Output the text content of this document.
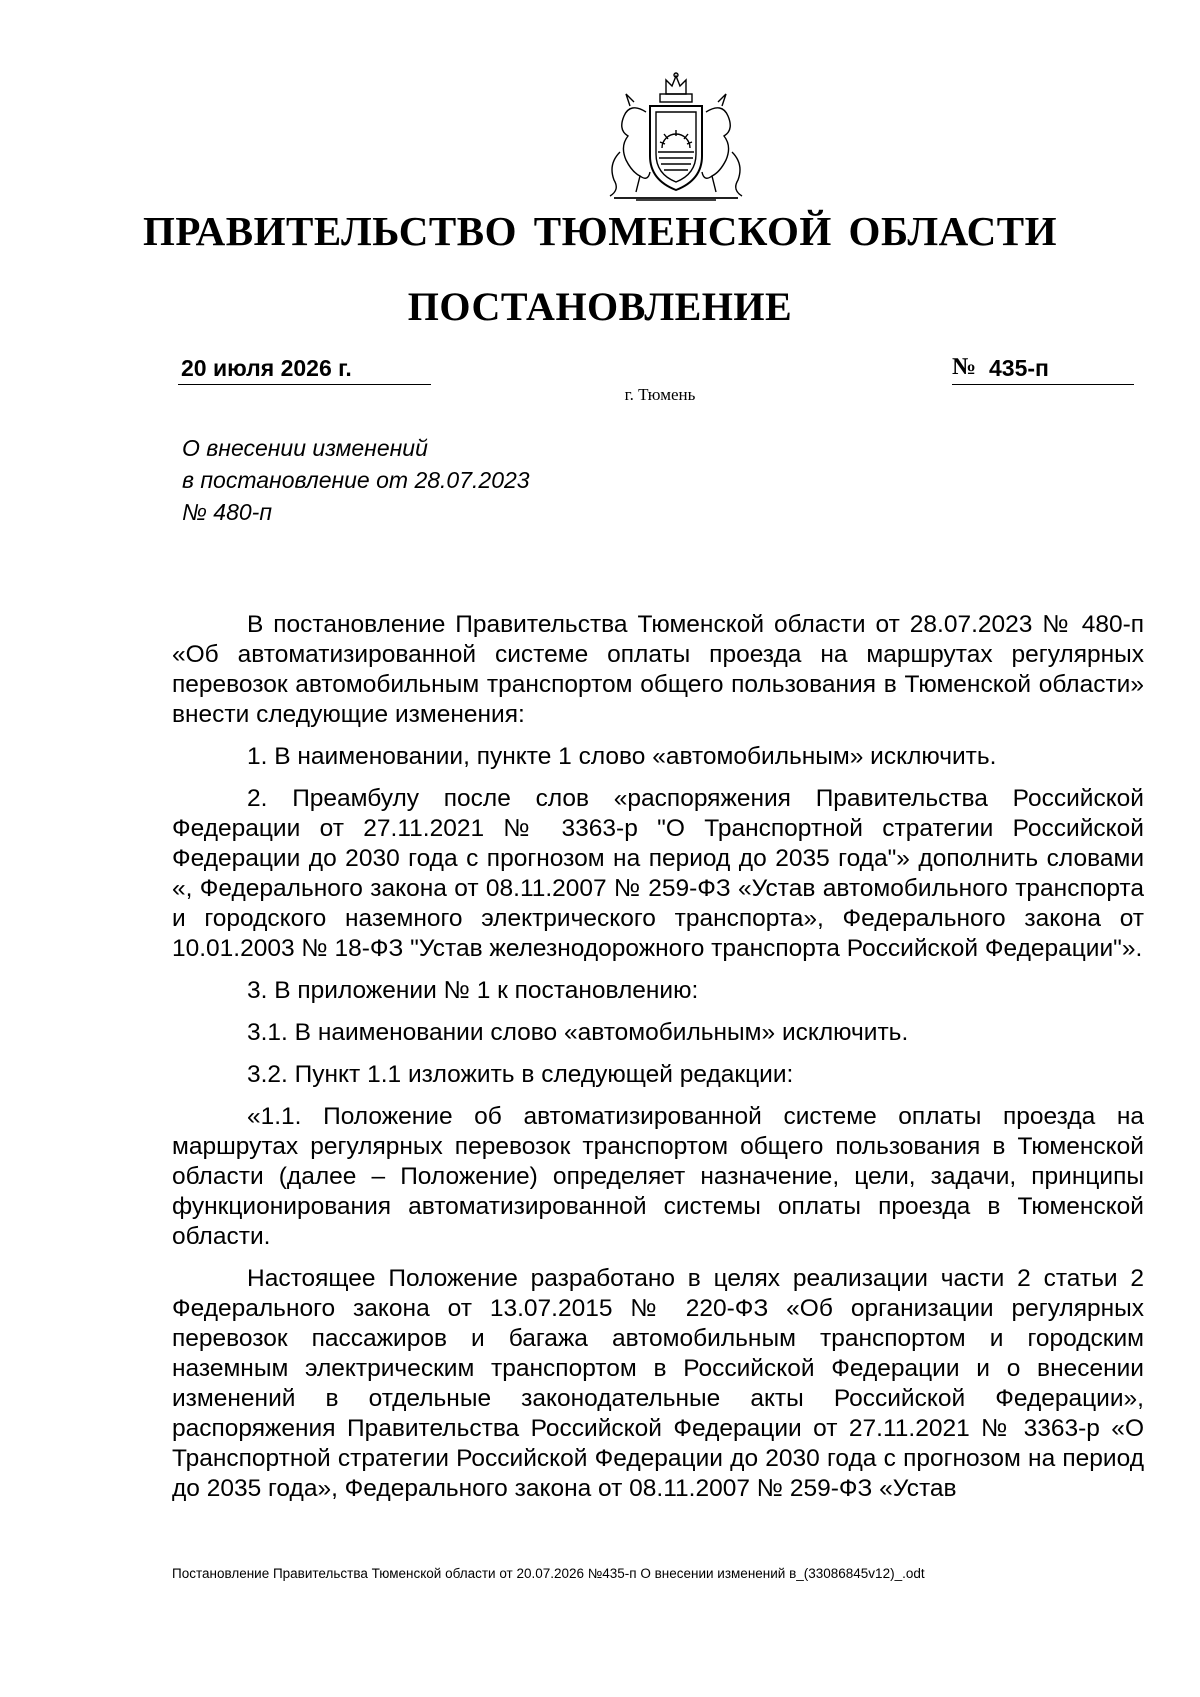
ПРАВИТЕЛЬСТВО ТЮМЕНСКОЙ ОБЛАСТИ
ПОСТАНОВЛЕНИЕ
20 июля 2026 г.	№ 435-п
г. Тюмень
О внесении изменений
в постановление от 28.07.2023
№ 480-п

В постановление Правительства Тюменской области от 28.07.2023 № 480-п «Об автоматизированной системе оплаты проезда на маршрутах регулярных перевозок автомобильным транспортом общего пользования в Тюменской области» внести следующие изменения:

1. В наименовании, пункте 1 слово «автомобильным» исключить.

2. Преамбулу после слов «распоряжения Правительства Российской Федерации от 27.11.2021 № 3363-р "О Транспортной стратегии Российской Федерации до 2030 года с прогнозом на период до 2035 года"» дополнить словами «, Федерального закона от 08.11.2007 № 259-ФЗ «Устав автомобильного транспорта и городского наземного электрического транспорта», Федерального закона от 10.01.2003 № 18-ФЗ "Устав железнодорожного транспорта Российской Федерации"».

3. В приложении № 1 к постановлению:

3.1. В наименовании слово «автомобильным» исключить.

3.2. Пункт 1.1 изложить в следующей редакции:

«1.1. Положение об автоматизированной системе оплаты проезда на маршрутах регулярных перевозок транспортом общего пользования в Тюменской области (далее – Положение) определяет назначение, цели, задачи, принципы функционирования автоматизированной системы оплаты проезда в Тюменской области.

Настоящее Положение разработано в целях реализации части 2 статьи 2 Федерального закона от 13.07.2015 № 220-ФЗ «Об организации регулярных перевозок пассажиров и багажа автомобильным транспортом и городским наземным электрическим транспортом в Российской Федерации и о внесении изменений в отдельные законодательные акты Российской Федерации», распоряжения Правительства Российской Федерации от 27.11.2021 № 3363-р «О Транспортной стратегии Российской Федерации до 2030 года с прогнозом на период до 2035 года», Федерального закона от 08.11.2007 № 259-ФЗ «Устав

Постановление Правительства Тюменской области от 20.07.2026 №435-п О внесении изменений в_(33086845v12)_.odt
